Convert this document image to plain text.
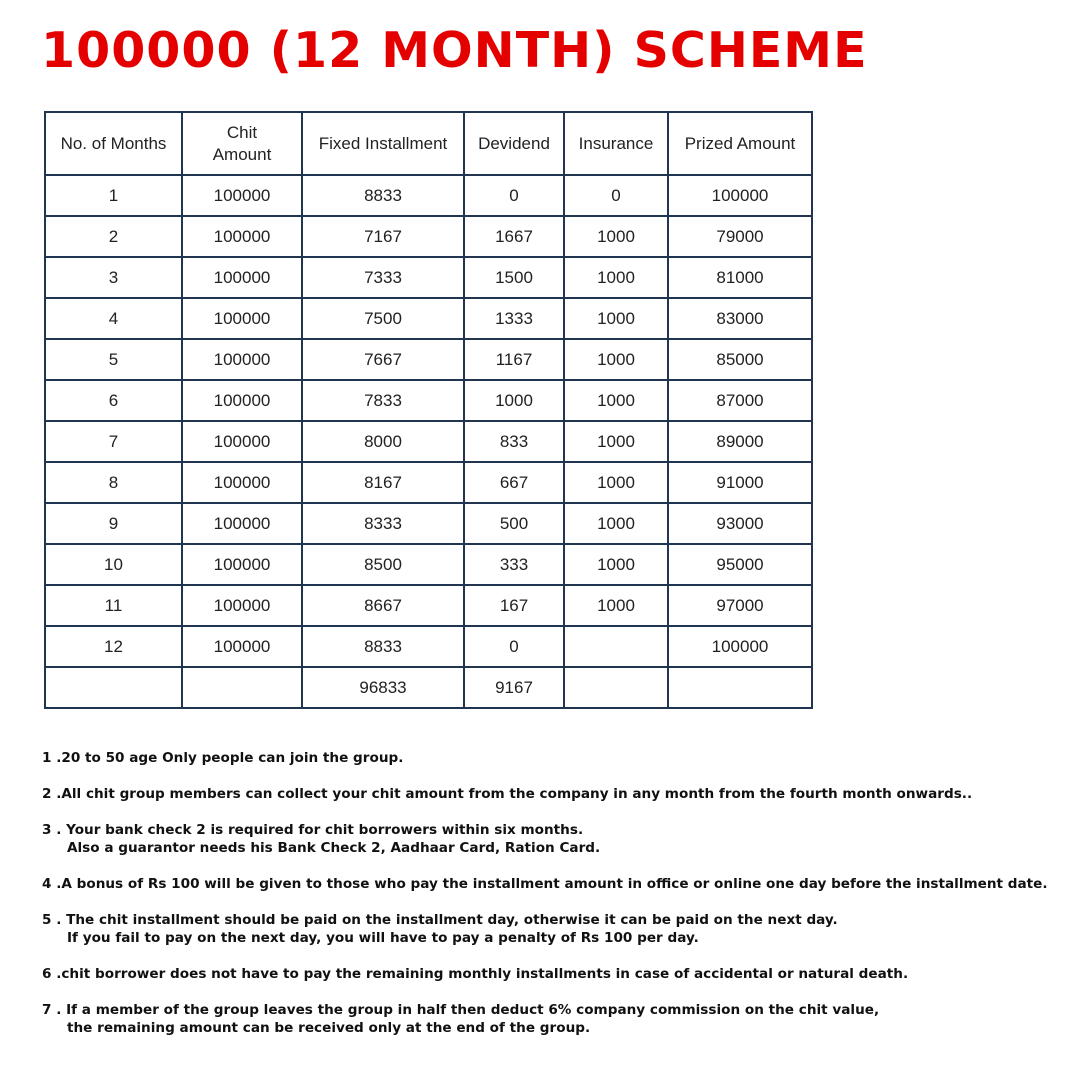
100000 (12 MONTH) SCHEME
No. of Months	Chit Amount	Fixed Installment	Devidend	Insurance	Prized Amount
1	100000	8833	0	0	100000
2	100000	7167	1667	1000	79000
3	100000	7333	1500	1000	81000
4	100000	7500	1333	1000	83000
5	100000	7667	1167	1000	85000
6	100000	7833	1000	1000	87000
7	100000	8000	833	1000	89000
8	100000	8167	667	1000	91000
9	100000	8333	500	1000	93000
10	100000	8500	333	1000	95000
11	100000	8667	167	1000	97000
12	100000	8833	0		100000
		96833	9167		
1 .20 to 50 age Only people can join the group.
2 .All chit group members can collect your chit amount from the company in any month from the fourth month onwards..
3 . Your bank check 2 is required for chit borrowers within six months.
Also a guarantor needs his Bank Check 2, Aadhaar Card, Ration Card.
4 .A bonus of Rs 100 will be given to those who pay the installment amount in office or online one day before the installment date.
5 . The chit installment should be paid on the installment day, otherwise it can be paid on the next day.
If you fail to pay on the next day, you will have to pay a penalty of Rs 100 per day.
6 .chit borrower does not have to pay the remaining monthly installments in case of accidental or natural death.
7 . If a member of the group leaves the group in half then deduct 6% company commission on the chit value,
the remaining amount can be received only at the end of the group.
